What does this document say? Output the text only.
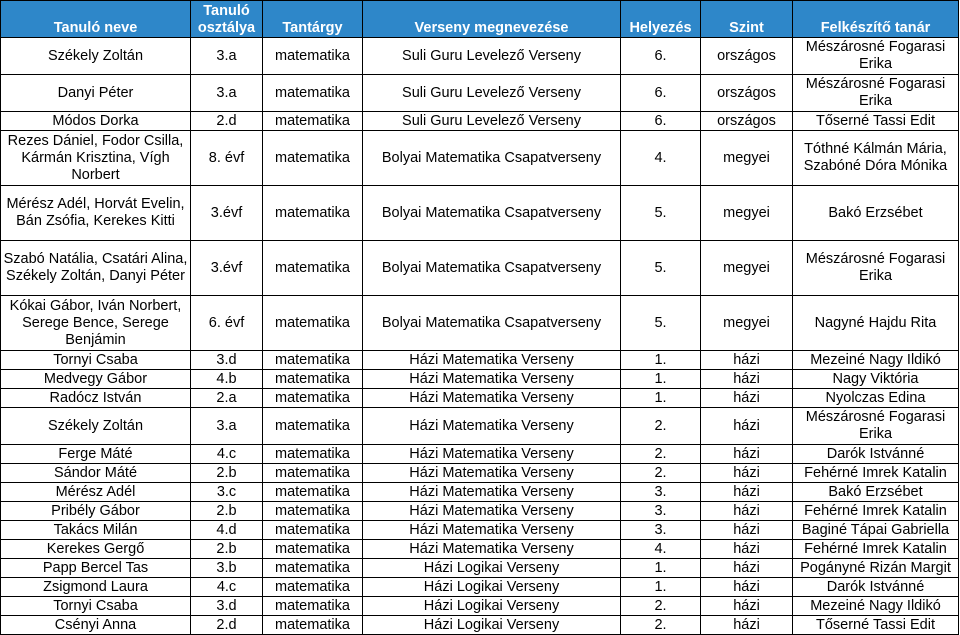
Tanuló neve	Tanuló osztálya	Tantárgy	Verseny megnevezése	Helyezés	Szint	Felkészítő tanár
Székely Zoltán	3.a	matematika	Suli Guru Levelező Verseny	6.	országos	Mészárosné Fogarasi Erika
Danyi Péter	3.a	matematika	Suli Guru Levelező Verseny	6.	országos	Mészárosné Fogarasi Erika
Módos Dorka	2.d	matematika	Suli Guru Levelező Verseny	6.	országos	Tőserné Tassi Edit
Rezes Dániel, Fodor Csilla, Kármán Krisztina, Vígh Norbert	8. évf	matematika	Bolyai Matematika Csapatverseny	4.	megyei	Tóthné Kálmán Mária, Szabóné Dóra Mónika
Mérész Adél, Horvát Evelin, Bán Zsófia, Kerekes Kitti	3.évf	matematika	Bolyai Matematika Csapatverseny	5.	megyei	Bakó Erzsébet
Szabó Natália, Csatári Alina, Székely Zoltán, Danyi Péter	3.évf	matematika	Bolyai Matematika Csapatverseny	5.	megyei	Mészárosné Fogarasi Erika
Kókai Gábor, Iván Norbert, Serege Bence, Serege Benjámin	6. évf	matematika	Bolyai Matematika Csapatverseny	5.	megyei	Nagyné Hajdu Rita
Tornyi Csaba	3.d	matematika	Házi Matematika Verseny	1.	házi	Mezeiné Nagy Ildikó
Medvegy Gábor	4.b	matematika	Házi Matematika Verseny	1.	házi	Nagy Viktória
Radócz István	2.a	matematika	Házi Matematika Verseny	1.	házi	Nyolczas Edina
Székely Zoltán	3.a	matematika	Házi Matematika Verseny	2.	házi	Mészárosné Fogarasi Erika
Ferge Máté	4.c	matematika	Házi Matematika Verseny	2.	házi	Darók Istvánné
Sándor Máté	2.b	matematika	Házi Matematika Verseny	2.	házi	Fehérné Imrek Katalin
Mérész Adél	3.c	matematika	Házi Matematika Verseny	3.	házi	Bakó Erzsébet
Pribély Gábor	2.b	matematika	Házi Matematika Verseny	3.	házi	Fehérné Imrek Katalin
Takács Milán	4.d	matematika	Házi Matematika Verseny	3.	házi	Baginé Tápai Gabriella
Kerekes Gergő	2.b	matematika	Házi Matematika Verseny	4.	házi	Fehérné Imrek Katalin
Papp Bercel Tas	3.b	matematika	Házi Logikai Verseny	1.	házi	Pogányné Rizán Margit
Zsigmond Laura	4.c	matematika	Házi Logikai Verseny	1.	házi	Darók Istvánné
Tornyi Csaba	3.d	matematika	Házi Logikai Verseny	2.	házi	Mezeiné Nagy Ildikó
Csényi Anna	2.d	matematika	Házi Logikai Verseny	2.	házi	Tőserné Tassi Edit
